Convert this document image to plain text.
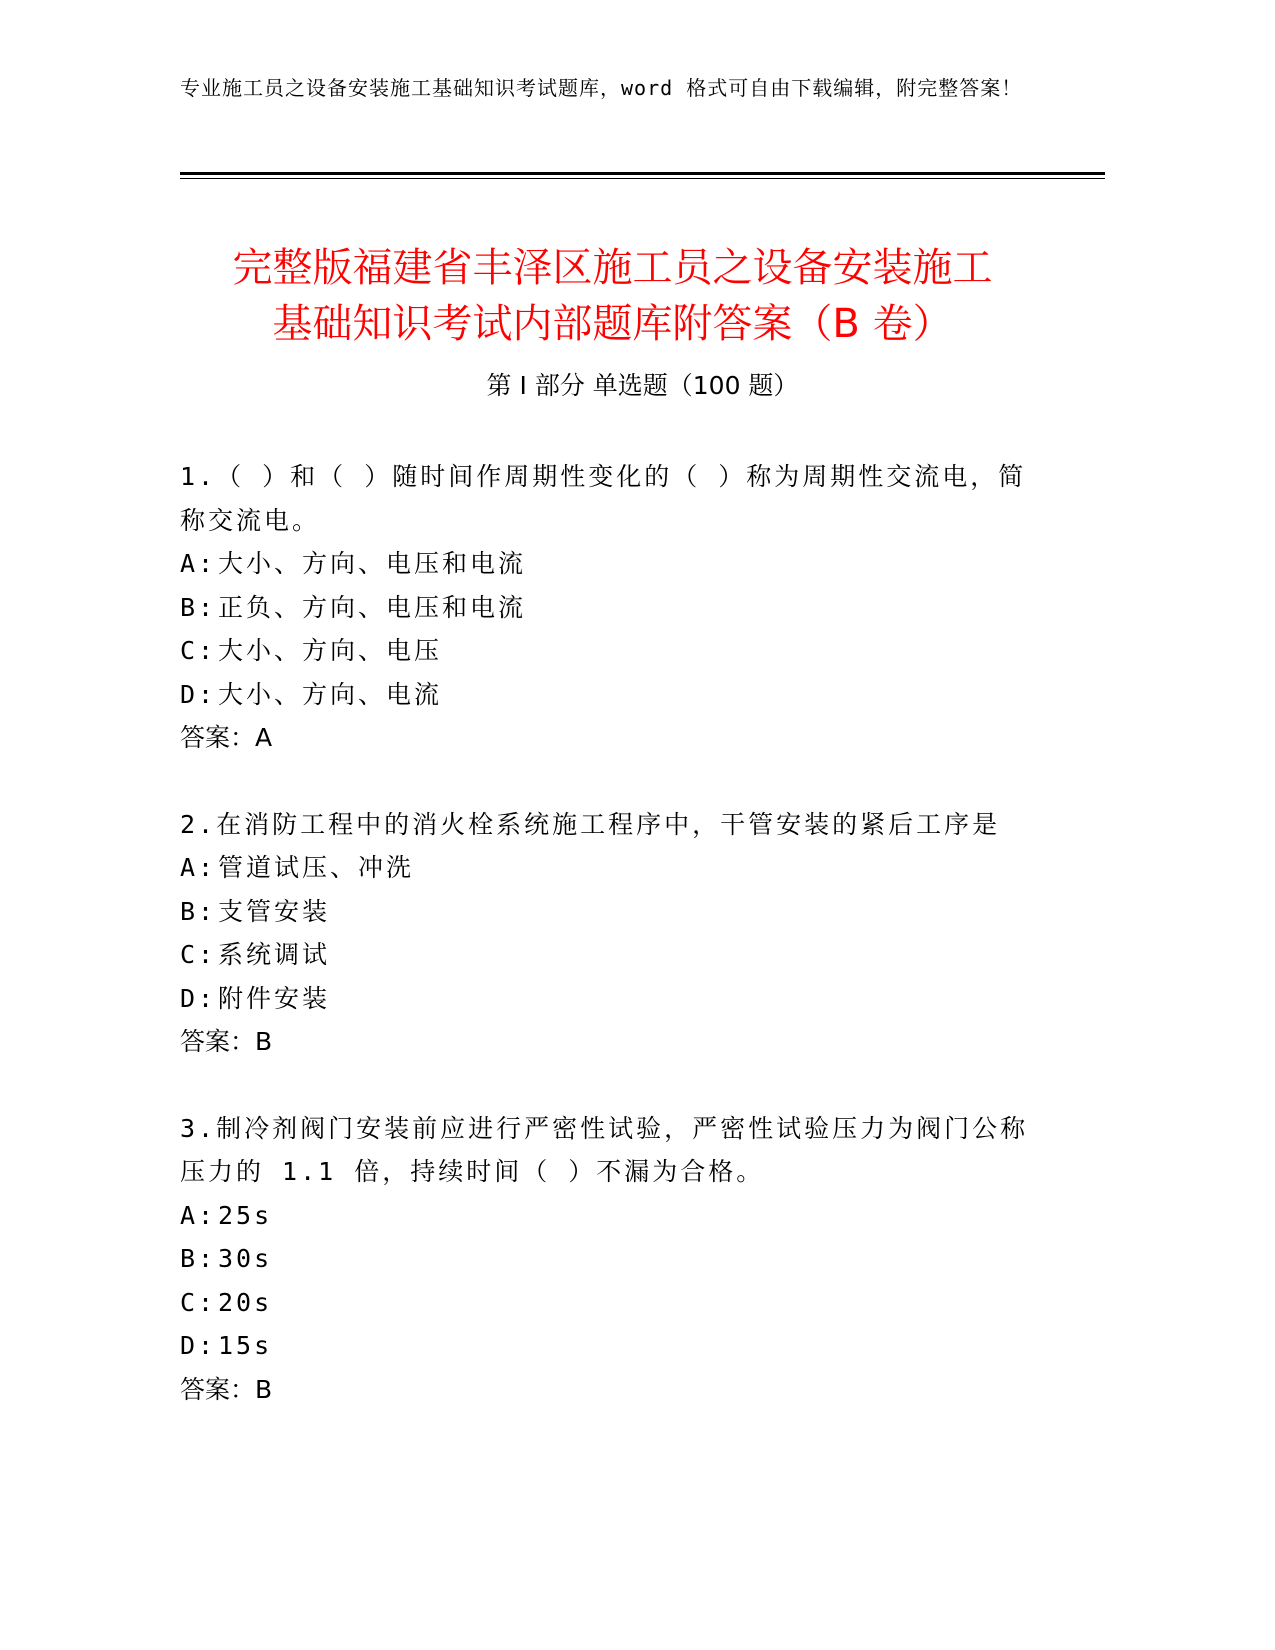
专业施工员之设备安装施工基础知识考试题库，word 格式可自由下载编辑，附完整答案！
完整版福建省丰泽区施工员之设备安装施工
基础知识考试内部题库附答案（B 卷）
第 I 部分 单选题（100 题）
1.（ ）和（ ）随时间作周期性变化的（ ）称为周期性交流电，简称交流电。
A:大小、方向、电压和电流
B:正负、方向、电压和电流
C:大小、方向、电压
D:大小、方向、电流
答案：A
2.在消防工程中的消火栓系统施工程序中，干管安装的紧后工序是
A:管道试压、冲洗
B:支管安装
C:系统调试
D:附件安装
答案：B
3.制冷剂阀门安装前应进行严密性试验，严密性试验压力为阀门公称压力的 1.1 倍，持续时间（ ）不漏为合格。
A:25s
B:30s
C:20s
D:15s
答案：B
